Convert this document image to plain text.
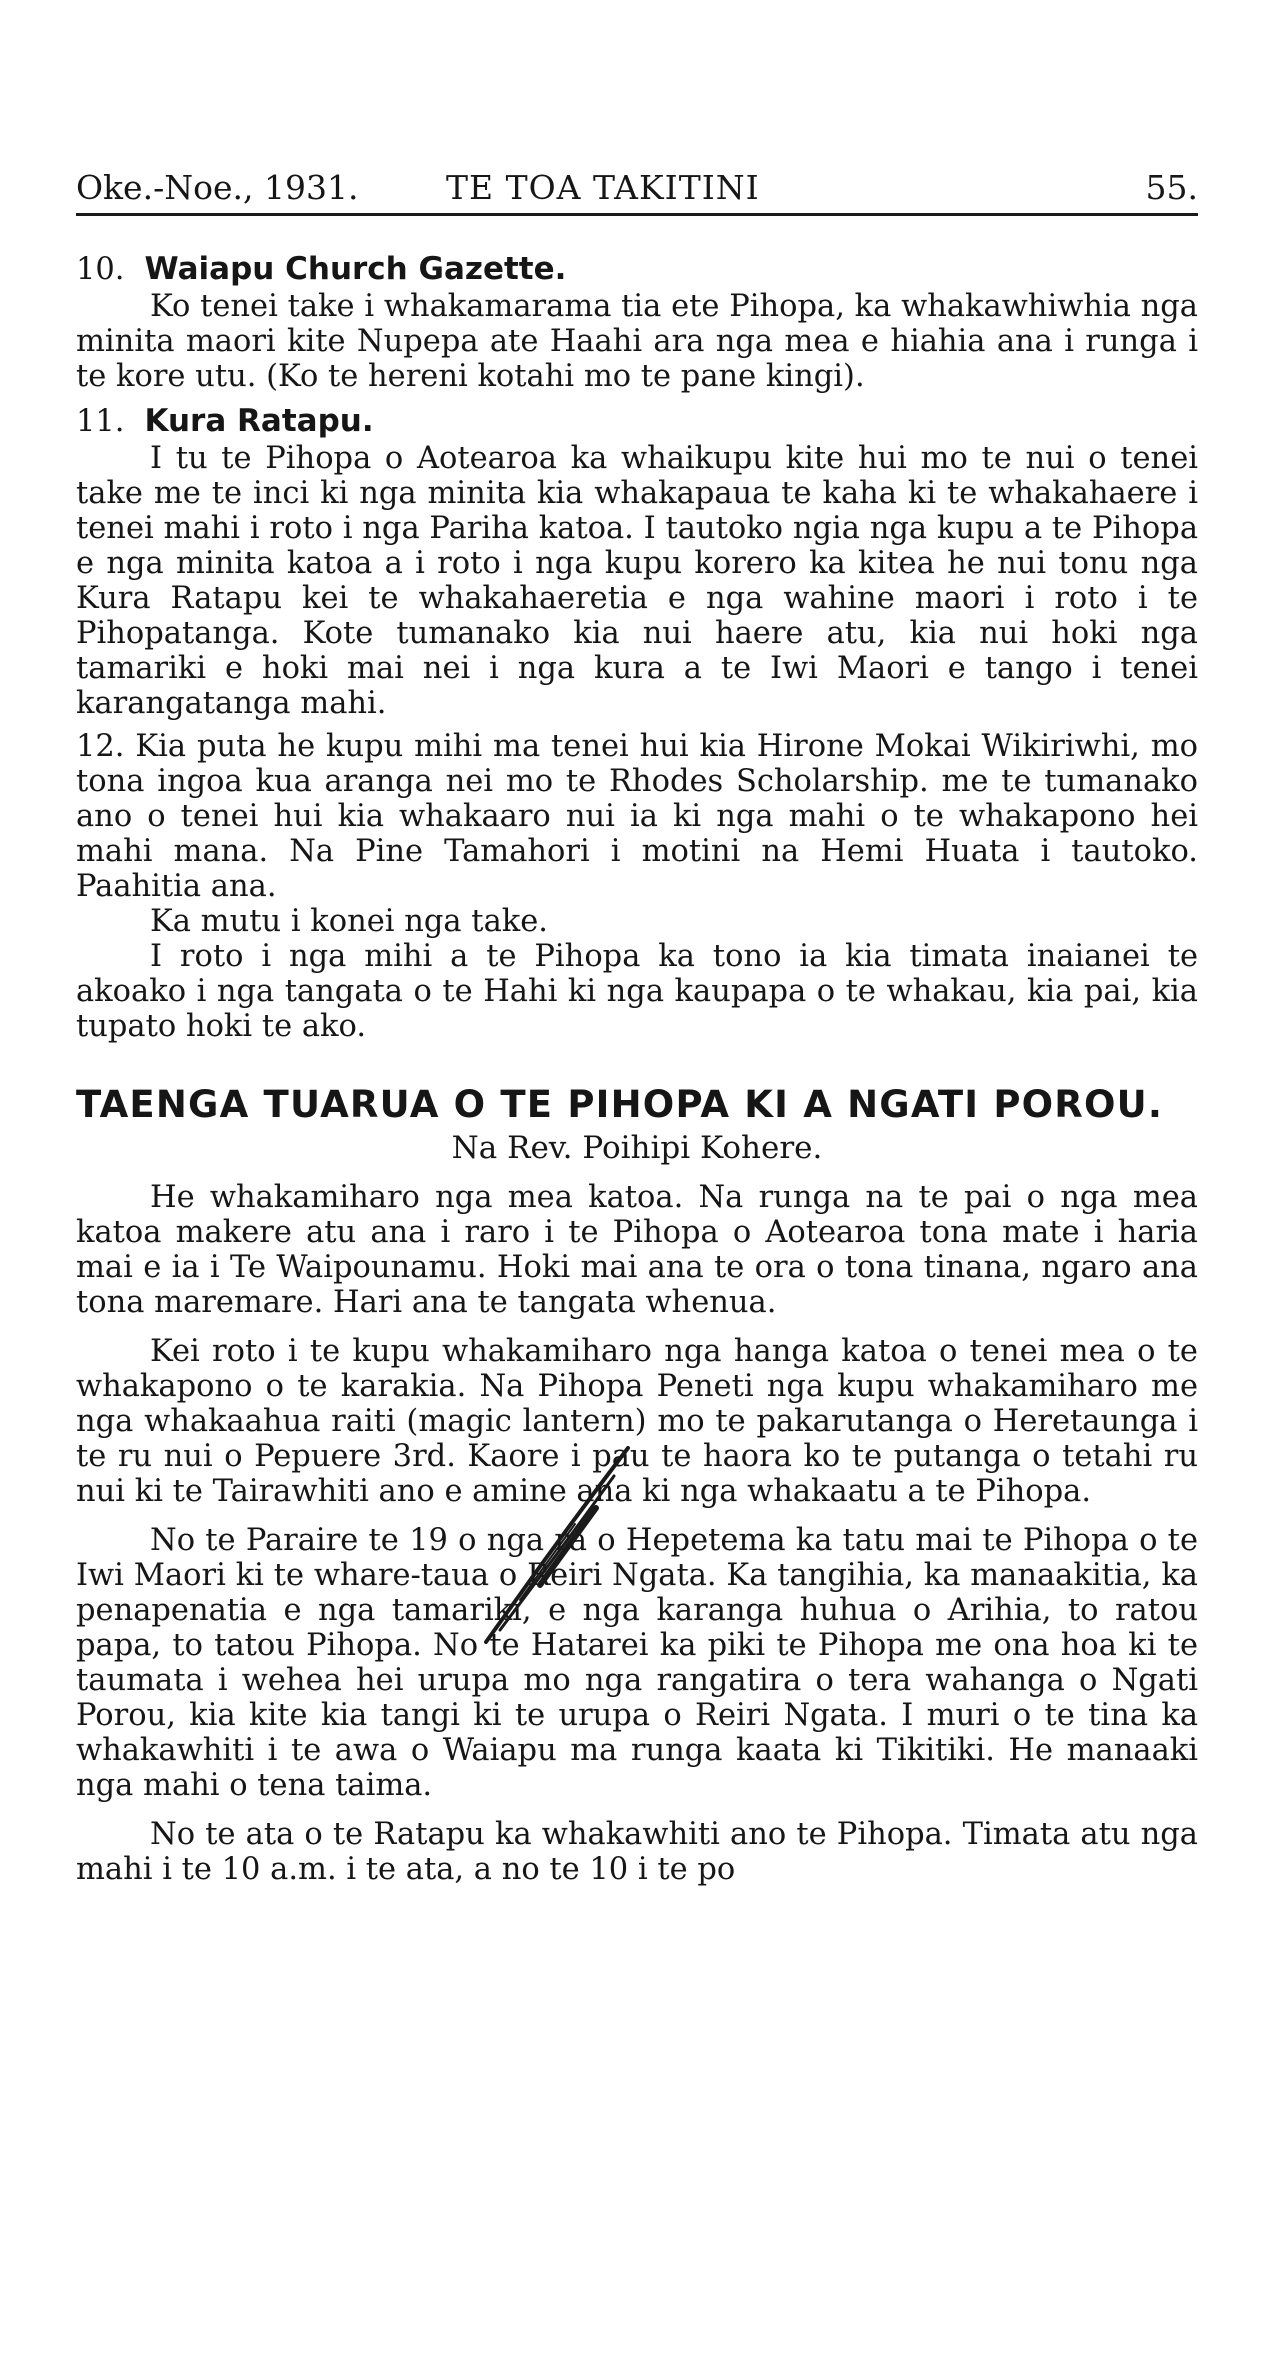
Oke.-Noe., 1931.	TE TOA TAKITINI	55.

10. Waiapu Church Gazette.

Ko tenei take i whakamarama tia ete Pihopa, ka whakawhiwhia nga minita maori kite Nupepa ate Haahi ara nga mea e hiahia ana i runga i te kore utu. (Ko te hereni kotahi mo te pane kingi).

11. Kura Ratapu.

I tu te Pihopa o Aotearoa ka whaikupu kite hui mo te nui o tenei take me te inci ki nga minita kia whakapaua te kaha ki te whakahaere i tenei mahi i roto i nga Pariha katoa. I tautoko ngia nga kupu a te Pihopa e nga minita katoa a i roto i nga kupu korero ka kitea he nui tonu nga Kura Ratapu kei te whakahaeretia e nga wahine maori i roto i te Pihopatanga. Kote tumanako kia nui haere atu, kia nui hoki nga tamariki e hoki mai nei i nga kura a te Iwi Maori e tango i tenei karangatanga mahi.

12. Kia puta he kupu mihi ma tenei hui kia Hirone Mokai Wikiriwhi, mo tona ingoa kua aranga nei mo te Rhodes Scholarship. me te tumanako ano o tenei hui kia whakaaro nui ia ki nga mahi o te whakapono hei mahi mana. Na Pine Tamahori i motini na Hemi Huata i tautoko. Paahitia ana.

Ka mutu i konei nga take.

I roto i nga mihi a te Pihopa ka tono ia kia timata inaianei te akoako i nga tangata o te Hahi ki nga kaupapa o te whakau, kia pai, kia tupato hoki te ako.

TAENGA TUARUA O TE PIHOPA KI A NGATI POROU.

Na Rev. Poihipi Kohere.

He whakamiharo nga mea katoa. Na runga na te pai o nga mea katoa makere atu ana i raro i te Pihopa o Aotearoa tona mate i haria mai e ia i Te Waipounamu. Hoki mai ana te ora o tona tinana, ngaro ana tona maremare. Hari ana te tangata whenua.

Kei roto i te kupu whakamiharo nga hanga katoa o tenei mea o te whakapono o te karakia. Na Pihopa Peneti nga kupu whakamiharo me nga whakaahua raiti (magic lantern) mo te pakarutanga o Heretaunga i te ru nui o Pepuere 3rd. Kaore i pau te haora ko te putanga o tetahi ru nui ki te Tairawhiti ano e amine ana ki nga whakaatu a te Pihopa.

No te Paraire te 19 o nga ra o Hepetema ka tatu mai te Pihopa o te Iwi Maori ki te whare-taua o Reiri Ngata. Ka tangihia, ka manaakitia, ka penapenatia e nga tamariki, e nga karanga huhua o Arihia, to ratou papa, to tatou Pihopa. No te Hatarei ka piki te Pihopa me ona hoa ki te taumata i wehea hei urupa mo nga rangatira o tera wahanga o Ngati Porou, kia kite kia tangi ki te urupa o Reiri Ngata. I muri o te tina ka whakawhiti i te awa o Waiapu ma runga kaata ki Tikitiki. He manaaki nga mahi o tena taima.

No te ata o te Ratapu ka whakawhiti ano te Pihopa. Timata atu nga mahi i te 10 a.m. i te ata, a no te 10 i te po
